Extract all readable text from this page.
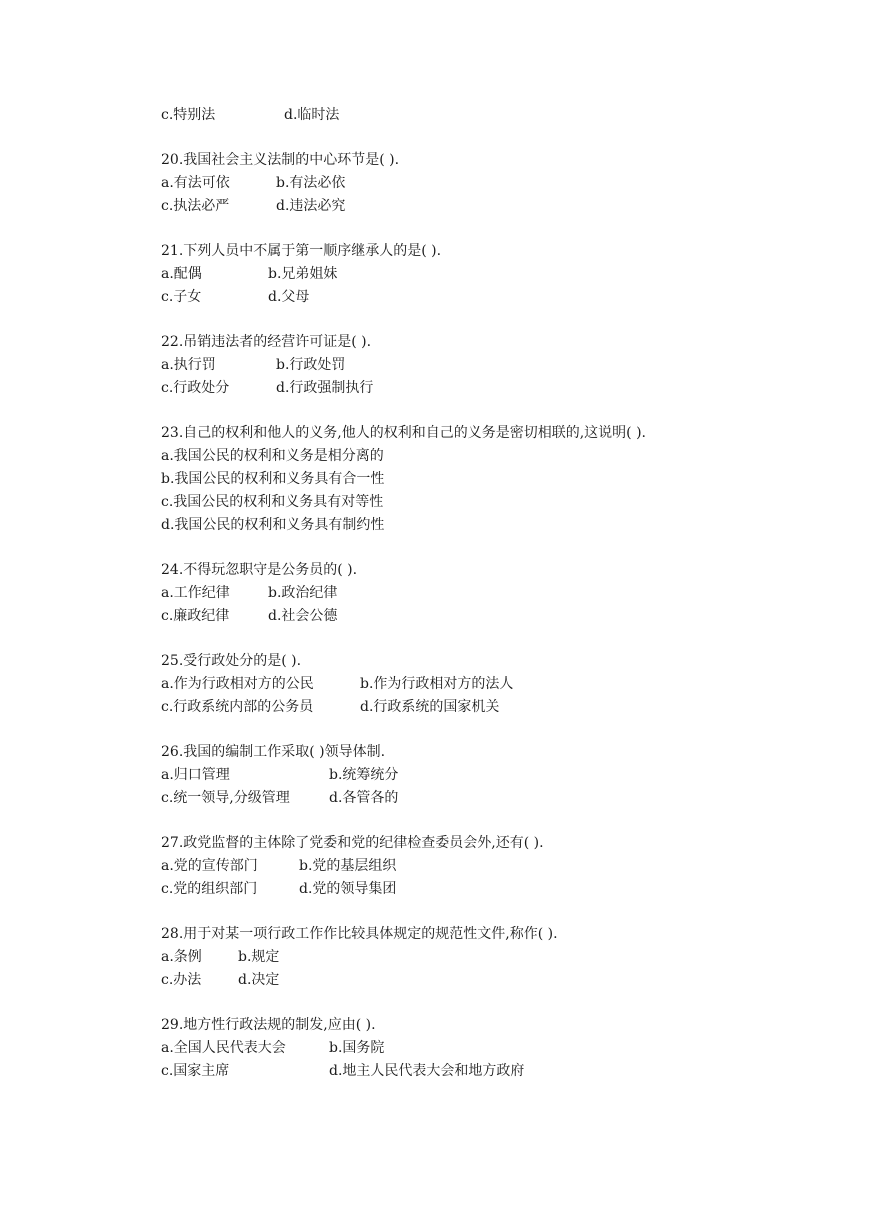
c.特别法	d.临时法
20.我国社会主义法制的中心环节是( ).
a.有法可依	b.有法必依
c.执法必严	d.违法必究
21.下列人员中不属于第一顺序继承人的是( ).
a.配偶	b.兄弟姐妹
c.子女	d.父母
22.吊销违法者的经营许可证是( ).
a.执行罚	b.行政处罚
c.行政处分	d.行政强制执行
23.自己的权利和他人的义务,他人的权利和自己的义务是密切相联的,这说明( ).
a.我国公民的权利和义务是相分离的
b.我国公民的权利和义务具有合一性
c.我国公民的权利和义务具有对等性
d.我国公民的权利和义务具有制约性
24.不得玩忽职守是公务员的( ).
a.工作纪律	b.政治纪律
c.廉政纪律	d.社会公德
25.受行政处分的是( ).
a.作为行政相对方的公民	b.作为行政相对方的法人
c.行政系统内部的公务员	d.行政系统的国家机关
26.我国的编制工作采取( )领导体制.
a.归口管理	b.统筹统分
c.统一领导,分级管理	d.各管各的
27.政党监督的主体除了党委和党的纪律检查委员会外,还有( ).
a.党的宣传部门	b.党的基层组织
c.党的组织部门	d.党的领导集团
28.用于对某一项行政工作作比较具体规定的规范性文件,称作( ).
a.条例	b.规定
c.办法	d.决定
29.地方性行政法规的制发,应由( ).
a.全国人民代表大会	b.国务院
c.国家主席	d.地主人民代表大会和地方政府
